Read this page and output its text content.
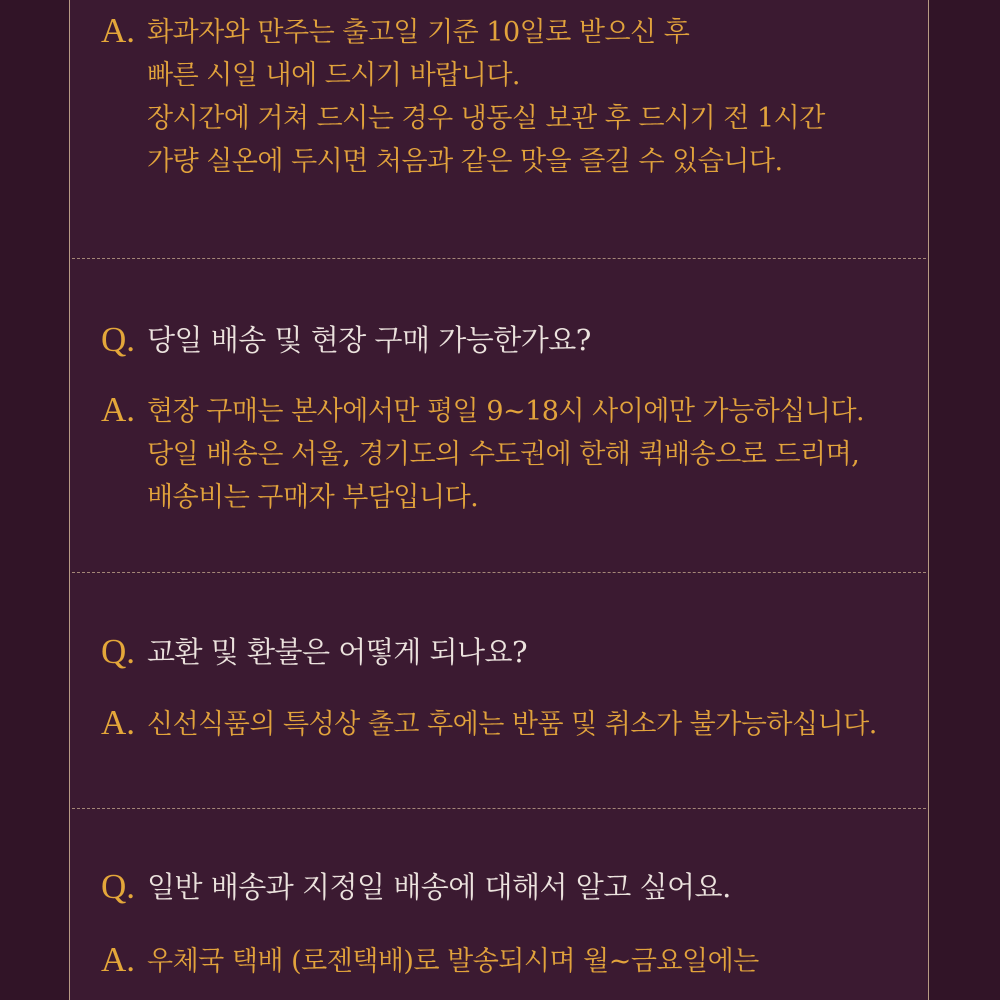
A. 화과자와 만주는 출고일 기준 10일로 받으신 후
빠른 시일 내에 드시기 바랍니다.
장시간에 거쳐 드시는 경우 냉동실 보관 후 드시기 전 1시간
가량 실온에 두시면 처음과 같은 맛을 즐길 수 있습니다.
Q. 당일 배송 및 현장 구매 가능한가요?
A. 현장 구매는 본사에서만 평일 9~18시 사이에만 가능하십니다.
당일 배송은 서울, 경기도의 수도권에 한해 퀵배송으로 드리며,
배송비는 구매자 부담입니다.
Q. 교환 및 환불은 어떻게 되나요?
A. 신선식품의 특성상 출고 후에는 반품 및 취소가 불가능하십니다.
Q. 일반 배송과 지정일 배송에 대해서 알고 싶어요.
A. 우체국 택배 (로젠택배)로 발송되시며 월~금요일에는
